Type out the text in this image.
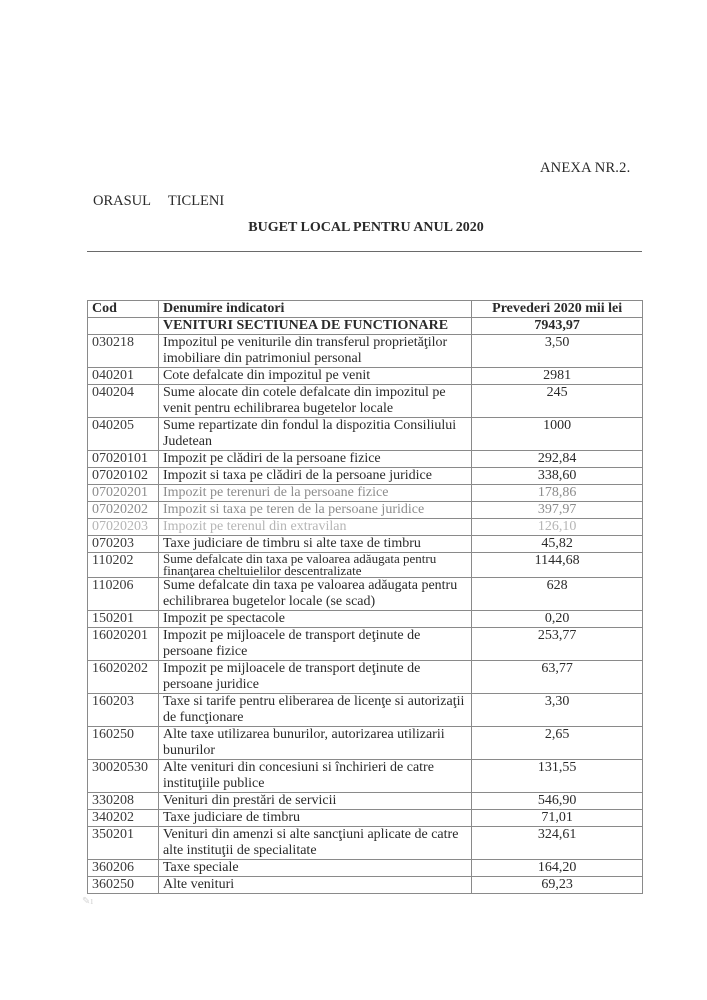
ANEXA NR.2.
ORASUL TICLENI
BUGET LOCAL PENTRU ANUL 2020
Cod	Denumire indicatori	Prevederi 2020 mii lei
	VENITURI SECTIUNEA DE FUNCTIONARE	7943,97
030218	Impozitul pe veniturile din transferul proprietăţilor imobiliare din patrimoniul personal	3,50
040201	Cote defalcate din impozitul pe venit	2981
040204	Sume alocate din cotele defalcate din impozitul pe venit pentru echilibrarea bugetelor locale	245
040205	Sume repartizate din fondul la dispozitia Consiliului Judetean	1000
07020101	Impozit pe clădiri de la persoane fizice	292,84
07020102	Impozit si taxa pe clădiri de la persoane juridice	338,60
07020201	Impozit pe terenuri de la persoane fizice	178,86
07020202	Impozit si taxa pe teren de la persoane juridice	397,97
07020203	Impozit pe terenul din extravilan	126,10
070203	Taxe judiciare de timbru si alte taxe de timbru	45,82
110202	Sume defalcate din taxa pe valoarea adăugata pentru finanţarea cheltuielilor descentralizate	1144,68
110206	Sume defalcate din taxa pe valoarea adăugata pentru echilibrarea bugetelor locale (se scad)	628
150201	Impozit pe spectacole	0,20
16020201	Impozit pe mijloacele de transport deţinute de persoane fizice	253,77
16020202	Impozit pe mijloacele de transport deţinute de persoane juridice	63,77
160203	Taxe si tarife pentru eliberarea de licenţe si autorizaţii de funcţionare	3,30
160250	Alte taxe utilizarea bunurilor, autorizarea utilizarii bunurilor	2,65
30020530	Alte venituri din concesiuni si închirieri de catre instituţiile publice	131,55
330208	Venituri din prestări de servicii	546,90
340202	Taxe judiciare de timbru	71,01
350201	Venituri din amenzi si alte sancţiuni aplicate de catre alte instituţii de specialitate	324,61
360206	Taxe speciale	164,20
360250	Alte venituri	69,23
✎ı
